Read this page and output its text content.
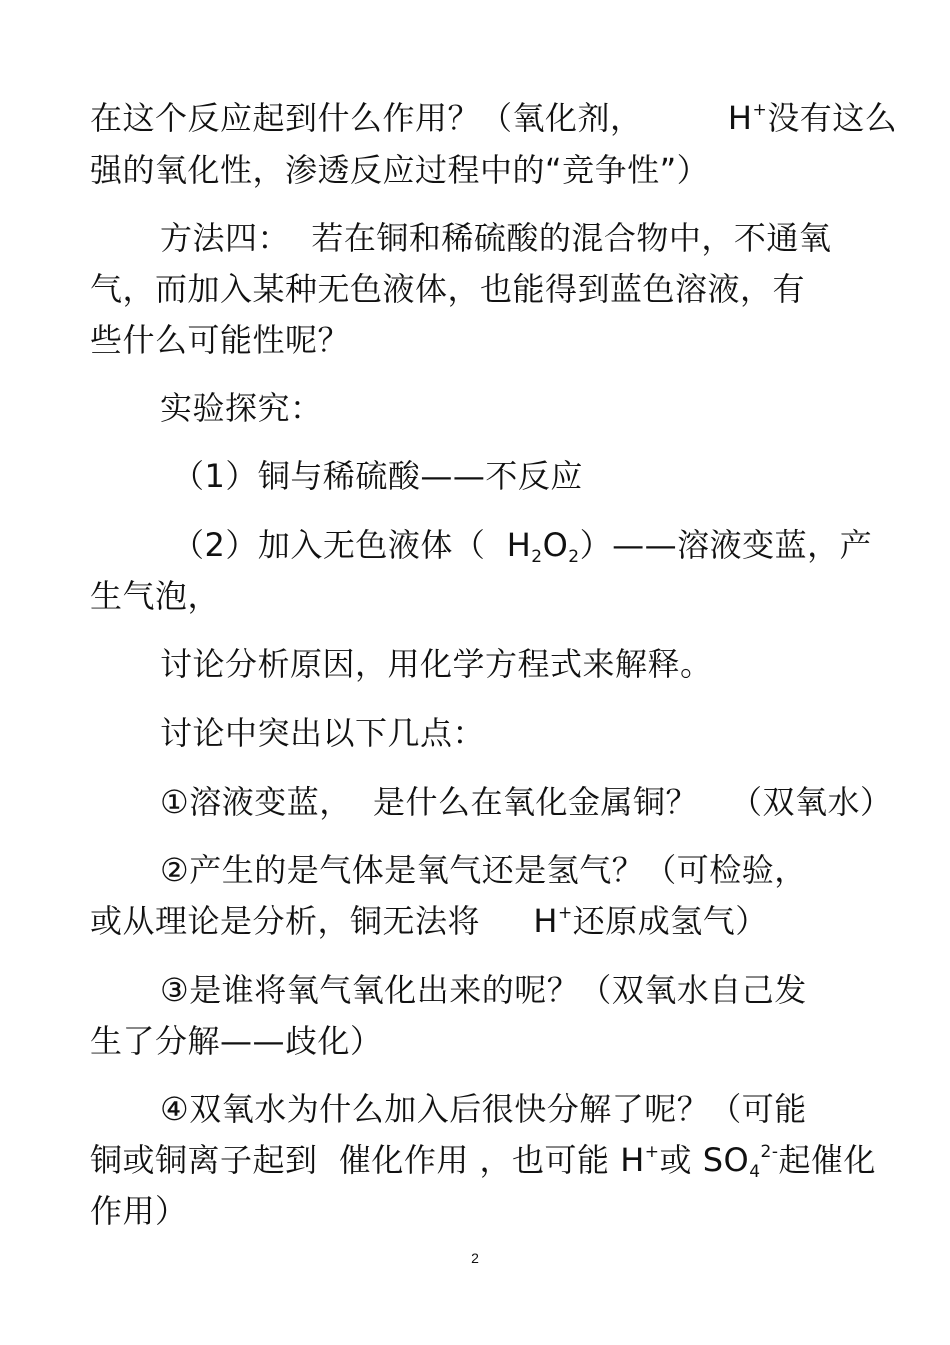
在这个反应起到什么作用？（氧化剂，        H+没有这么
强的氧化性，渗透反应过程中的“竞争性”）
方法四：  若在铜和稀硫酸的混合物中，不通氧
气，而加入某种无色液体，也能得到蓝色溶液，有
些什么可能性呢？
实验探究：
（1）铜与稀硫酸——不反应
（2）加入无色液体（  $H_2O_2)——$溶液变蓝，产
生气泡，
讨论分析原因，用化学方程式来解释。
讨论中突出以下几点：
①溶液变蓝，  是什么在氧化金属铜？   （双氧水）
②产生的是气体是氧气还是氢气？（可检验，
或从理论是分析，铜无法将     H+还原成氢气）
③是谁将氧气氧化出来的呢？（双氧水自己发
生了分解——歧化）
④双氧水为什么加入后很快分解了呢？（可能
铜或铜离子起到  催化作用 ，也可能 H+或 $SO_4^{2-}$起催化
作用）
2
